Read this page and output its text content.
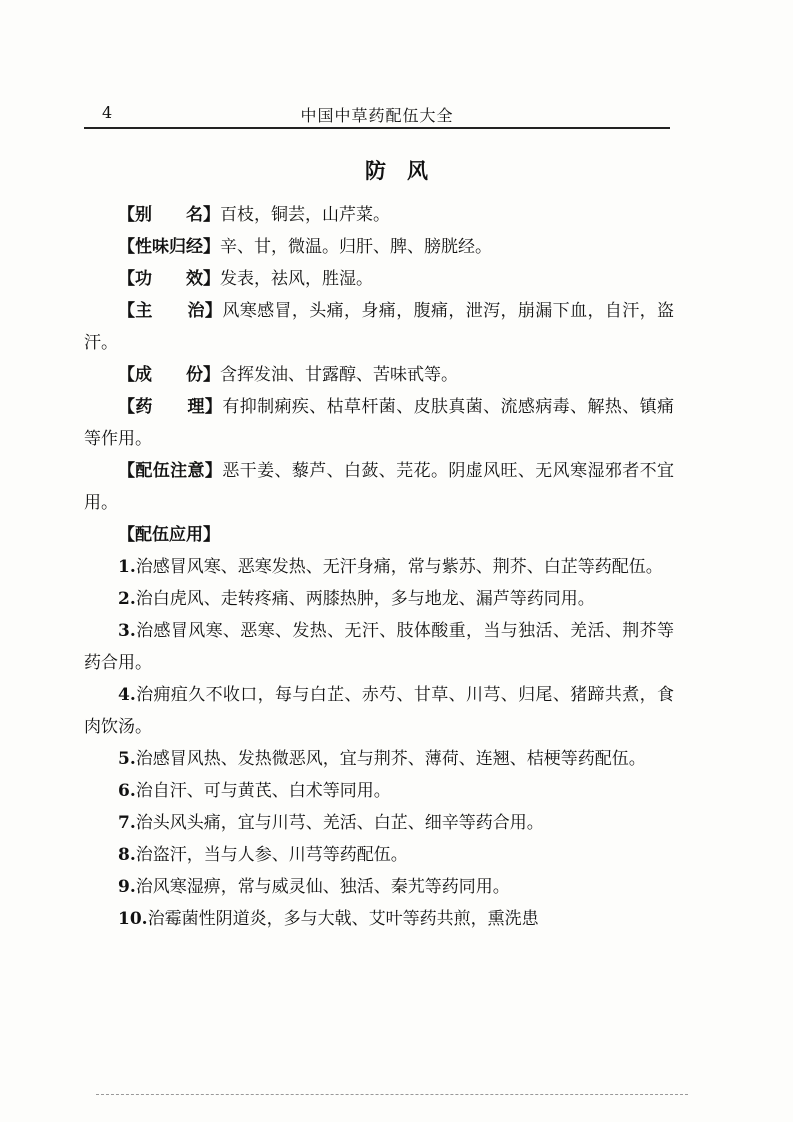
4	中国中草药配伍大全
防　风

【别　　名】百枝，铜芸，山芹菜。

【性味归经】辛、甘，微温。归肝、脾、膀胱经。

【功　　效】发表，祛风，胜湿。

【主　　治】风寒感冒，头痛，身痛，腹痛，泄泻，崩漏下血，自汗，盗汗。

【成　　份】含挥发油、甘露醇、苦味甙等。

【药　　理】有抑制痢疾、枯草杆菌、皮肤真菌、流感病毒、解热、镇痛等作用。

【配伍注意】恶干姜、藜芦、白蔹、芫花。阴虚风旺、无风寒湿邪者不宜用。

【配伍应用】

1.治感冒风寒、恶寒发热、无汗身痛，常与紫苏、荆芥、白芷等药配伍。

2.治白虎风、走转疼痛、两膝热肿，多与地龙、漏芦等药同用。

3.治感冒风寒、恶寒、发热、无汗、肢体酸重，当与独活、羌活、荆芥等药合用。

4.治痈疽久不收口，每与白芷、赤芍、甘草、川芎、归尾、猪蹄共煮，食肉饮汤。

5.治感冒风热、发热微恶风，宜与荆芥、薄荷、连翘、桔梗等药配伍。

6.治自汗、可与黄芪、白术等同用。

7.治头风头痛，宜与川芎、羌活、白芷、细辛等药合用。

8.治盗汗，当与人参、川芎等药配伍。

9.治风寒湿痹，常与威灵仙、独活、秦艽等药同用。

10.治霉菌性阴道炎，多与大戟、艾叶等药共煎，熏洗患
